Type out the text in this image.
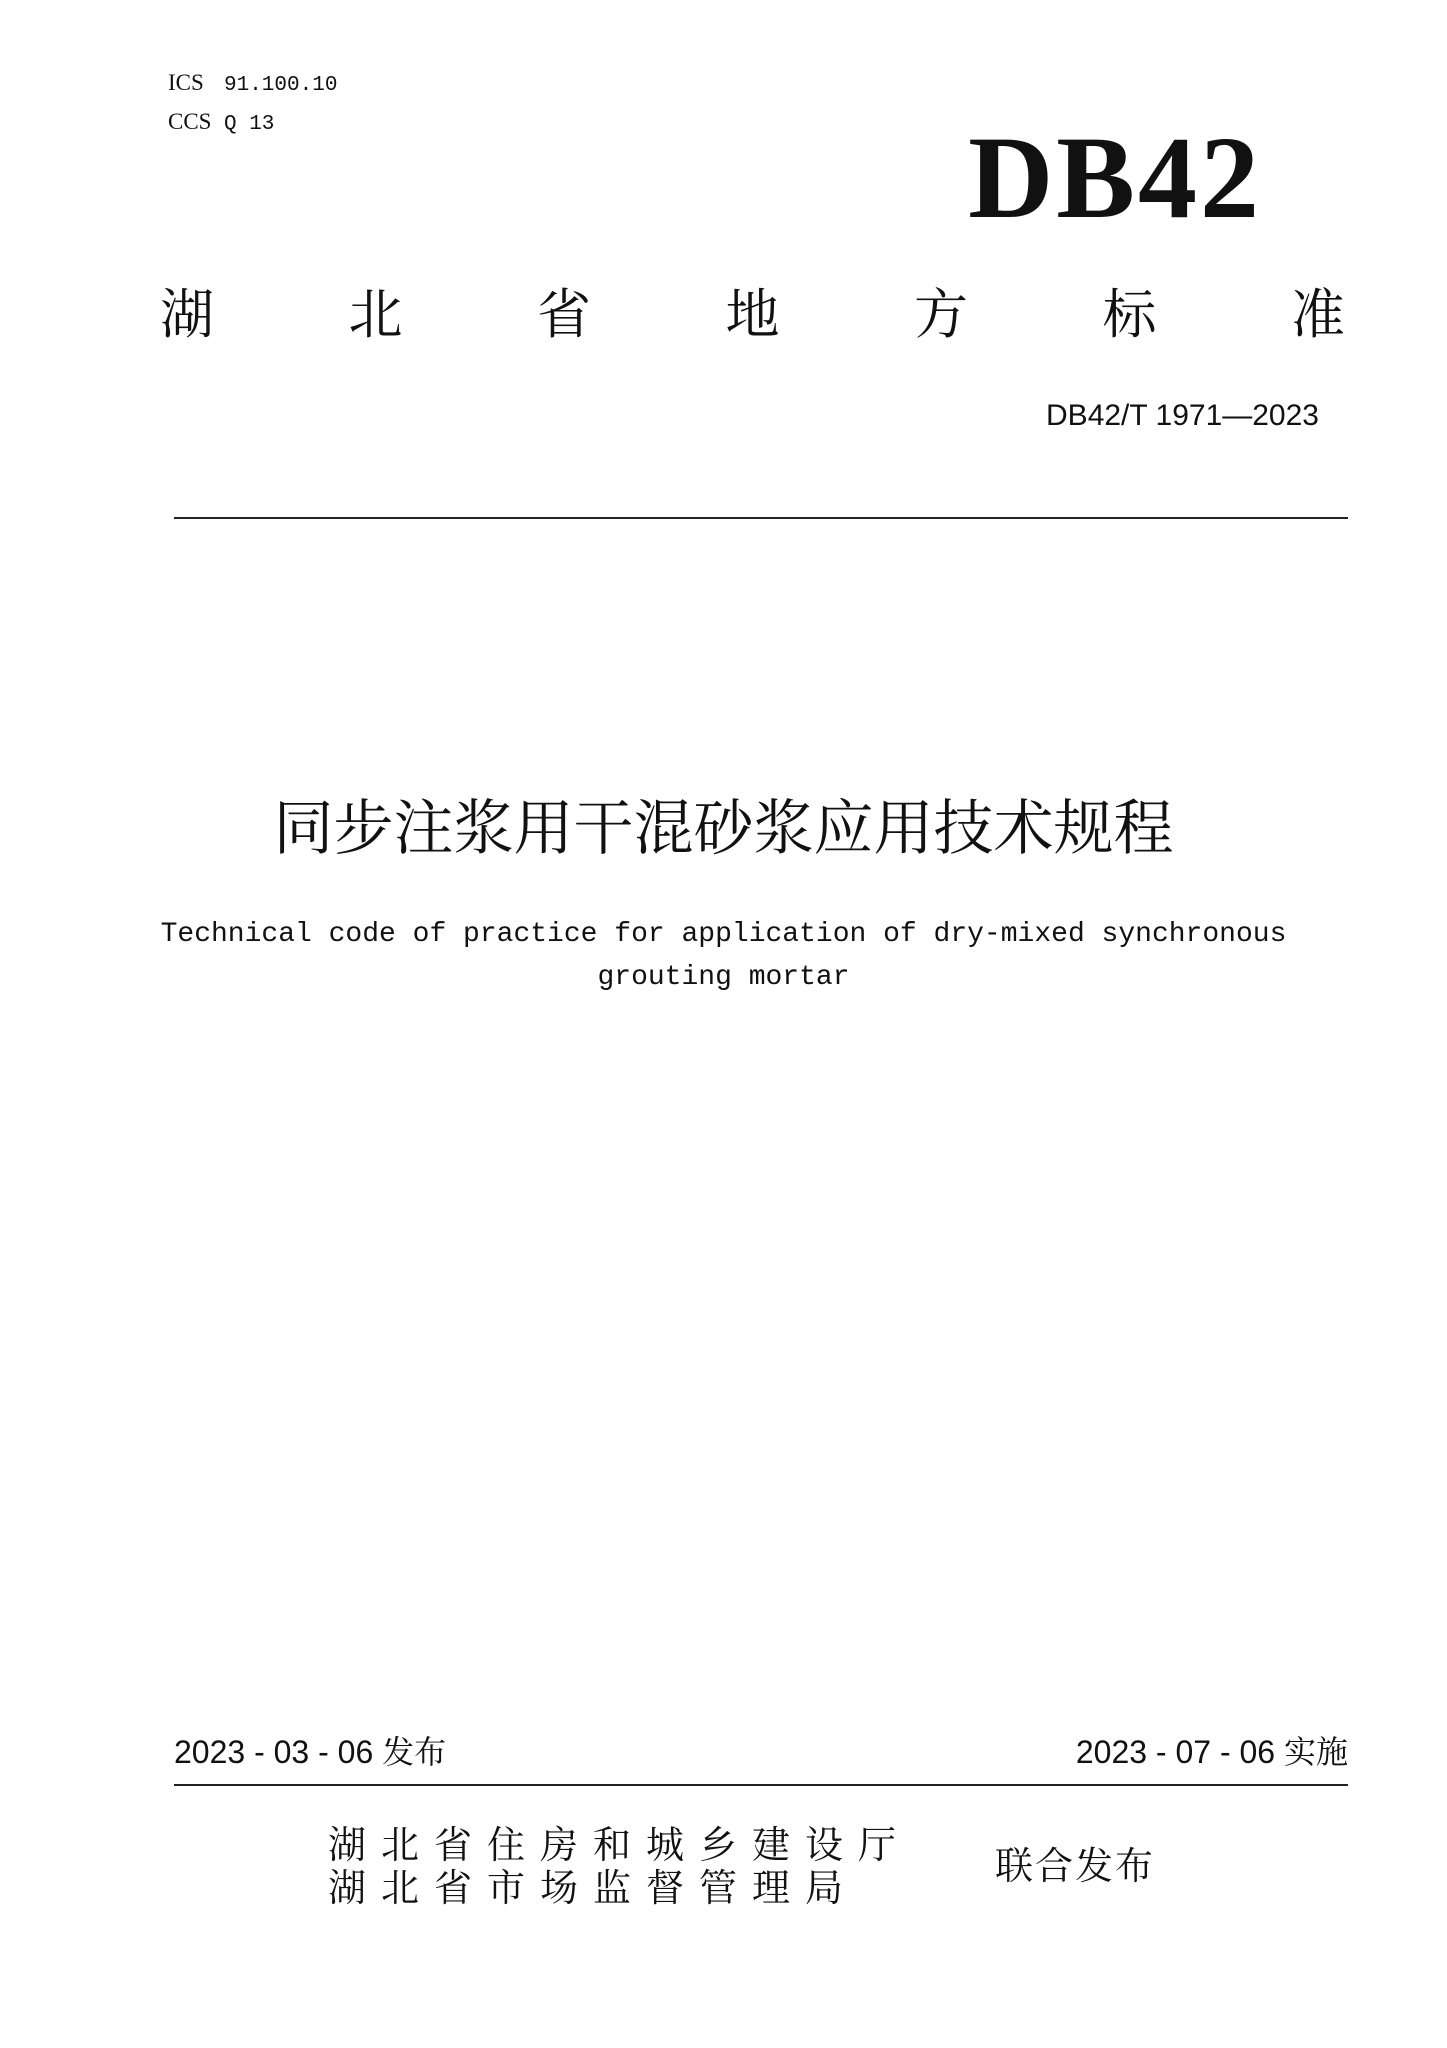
ICS 91.100.10
CCS Q 13	DB42
湖 北 省 地 方 标 准
DB42/T 1971—2023
同步注浆用干混砂浆应用技术规程
Technical code of practice for application of dry-mixed synchronous
grouting mortar
2023 - 03 - 06 发布	2023 - 07 - 06 实施
湖北省住房和城乡建设厅
湖北省市场监督管理局	联合发布
